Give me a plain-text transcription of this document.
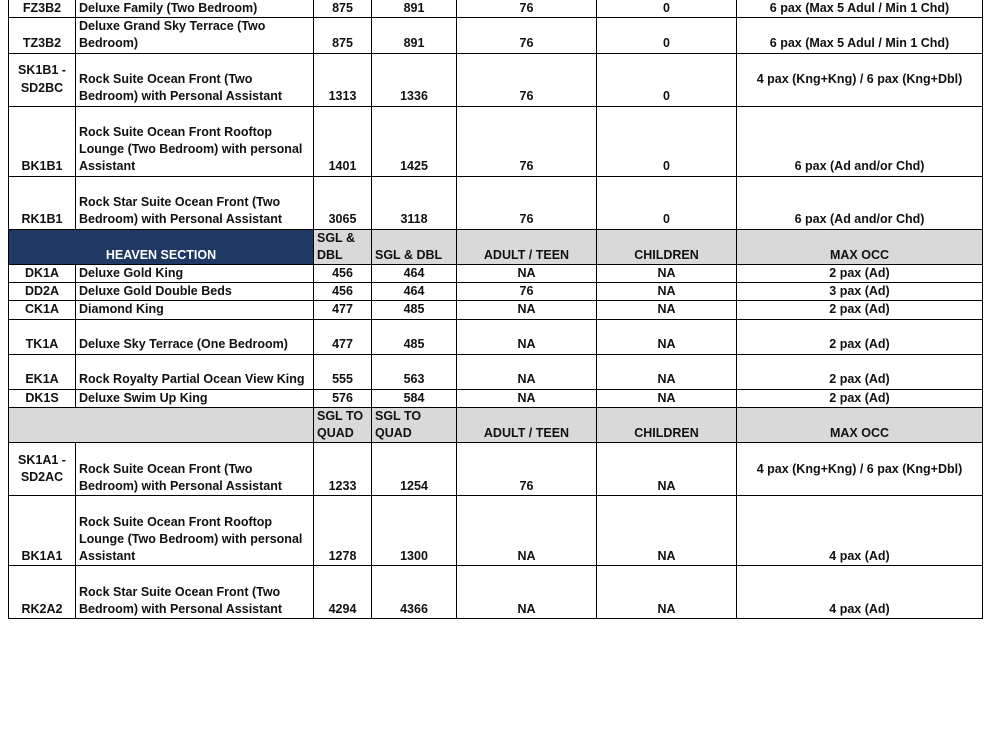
FZ3B2	Deluxe Family (Two Bedroom)	875	891	76	0	6 pax (Max 5 Adul / Min 1 Chd)
TZ3B2	Deluxe Grand Sky Terrace (Two Bedroom)	875	891	76	0	6 pax (Max 5 Adul / Min 1 Chd)
SK1B1 - SD2BC	Rock Suite Ocean Front (Two Bedroom) with Personal Assistant	1313	1336	76	0	4 pax (Kng+Kng) / 6 pax (Kng+Dbl)
BK1B1	Rock Suite Ocean Front Rooftop Lounge (Two Bedroom) with personal Assistant	1401	1425	76	0	6 pax (Ad and/or Chd)
RK1B1	Rock Star Suite Ocean Front (Two Bedroom) with Personal Assistant	3065	3118	76	0	6 pax (Ad and/or Chd)
HEAVEN SECTION		SGL & DBL	SGL & DBL	ADULT / TEEN	CHILDREN	MAX OCC
DK1A	Deluxe Gold King	456	464	NA	NA	2 pax (Ad)
DD2A	Deluxe Gold Double Beds	456	464	76	NA	3 pax (Ad)
CK1A	Diamond King	477	485	NA	NA	2 pax (Ad)
TK1A	Deluxe Sky Terrace (One Bedroom)	477	485	NA	NA	2 pax (Ad)
EK1A	Rock Royalty Partial Ocean View King	555	563	NA	NA	2 pax (Ad)
DK1S	Deluxe Swim Up King	576	584	NA	NA	2 pax (Ad)
		SGL TO QUAD	SGL TO QUAD	ADULT / TEEN	CHILDREN	MAX OCC
SK1A1 - SD2AC	Rock Suite Ocean Front (Two Bedroom) with Personal Assistant	1233	1254	76	NA	4 pax (Kng+Kng) / 6 pax (Kng+Dbl)
BK1A1	Rock Suite Ocean Front Rooftop Lounge (Two Bedroom) with personal Assistant	1278	1300	NA	NA	4 pax (Ad)
RK2A2	Rock Star Suite Ocean Front (Two Bedroom) with Personal Assistant	4294	4366	NA	NA	4 pax (Ad)
